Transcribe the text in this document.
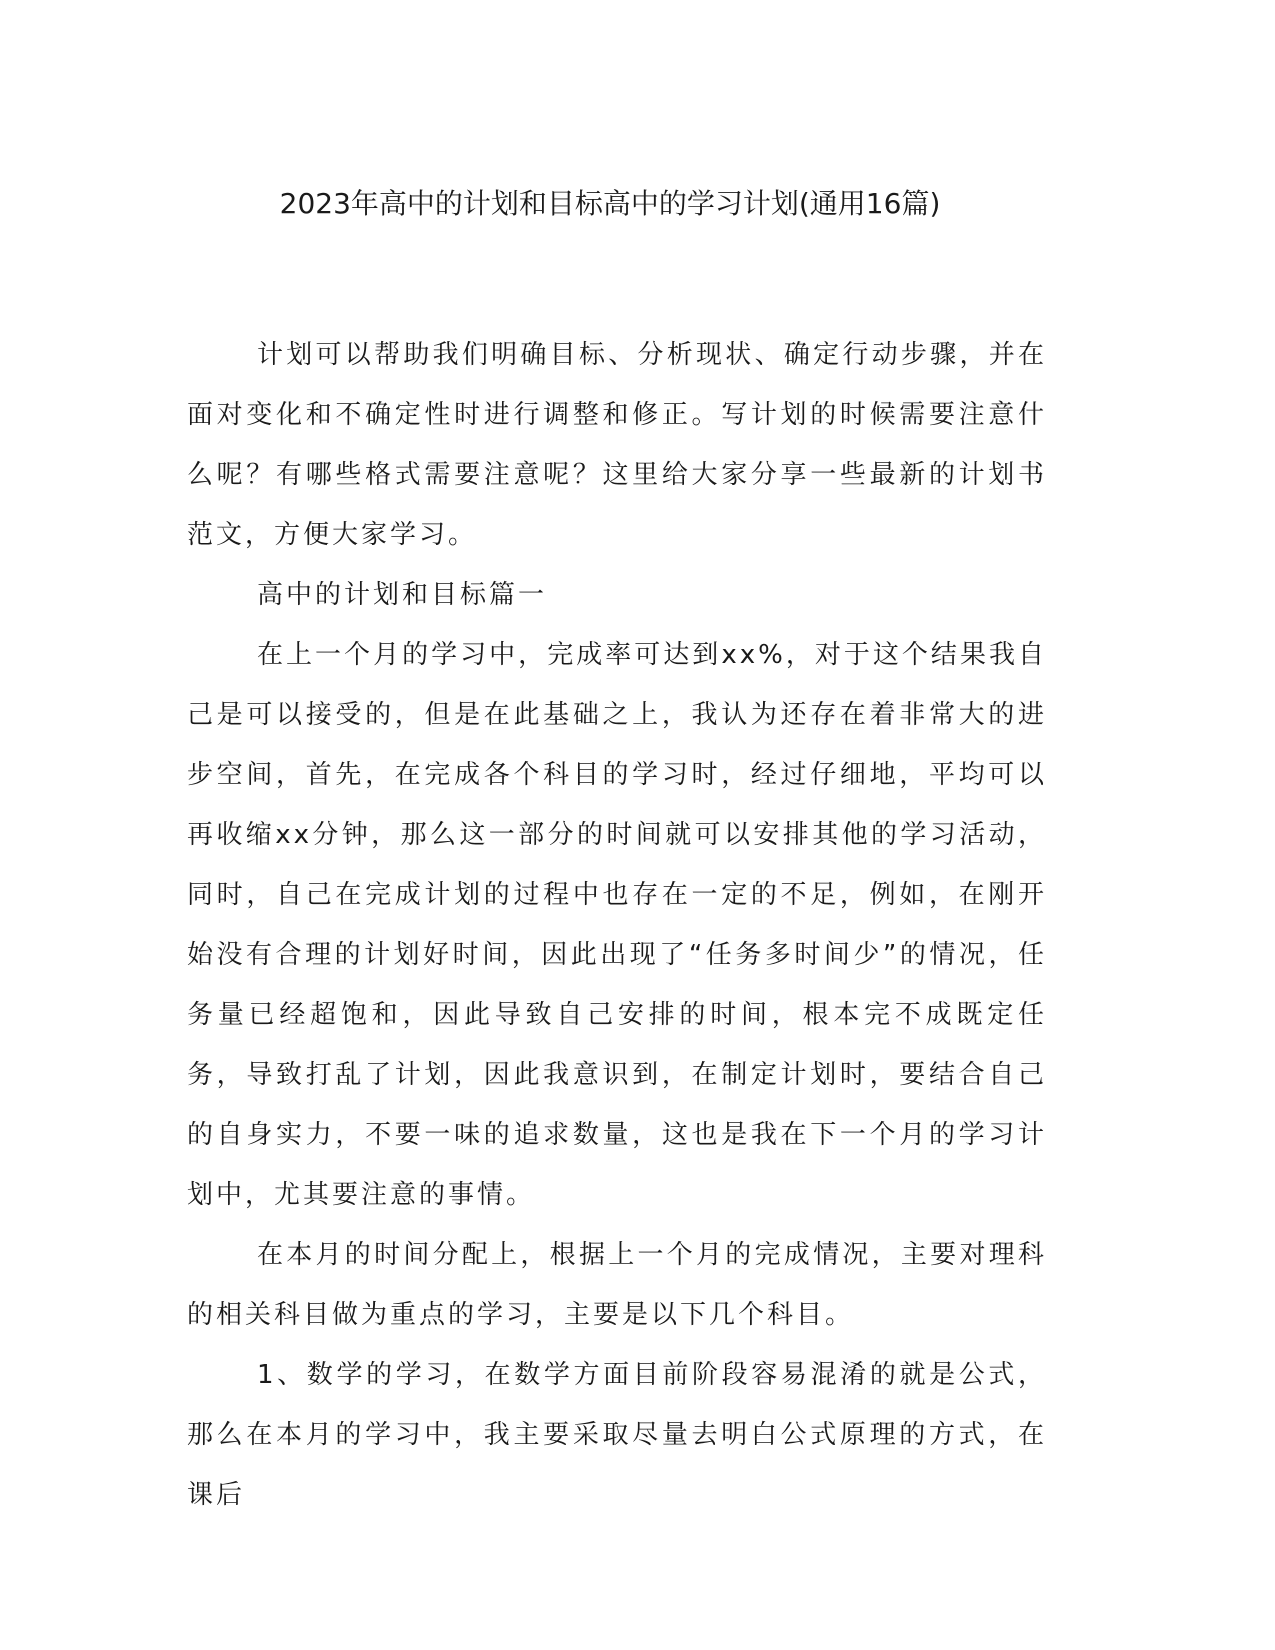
2023年高中的计划和目标高中的学习计划(通用16篇)

计划可以帮助我们明确目标、分析现状、确定行动步骤，并在面对变化和不确定性时进行调整和修正。写计划的时候需要注意什么呢？有哪些格式需要注意呢？这里给大家分享一些最新的计划书范文，方便大家学习。

高中的计划和目标篇一

在上一个月的学习中，完成率可达到xx%，对于这个结果我自己是可以接受的，但是在此基础之上，我认为还存在着非常大的进步空间，首先，在完成各个科目的学习时，经过仔细地，平均可以再收缩xx分钟，那么这一部分的时间就可以安排其他的学习活动，同时，自己在完成计划的过程中也存在一定的不足，例如，在刚开始没有合理的计划好时间，因此出现了“任务多时间少”的情况，任务量已经超饱和，因此导致自己安排的时间，根本完不成既定任务，导致打乱了计划，因此我意识到，在制定计划时，要结合自己的自身实力，不要一味的追求数量，这也是我在下一个月的学习计划中，尤其要注意的事情。

在本月的时间分配上，根据上一个月的完成情况，主要对理科的相关科目做为重点的学习，主要是以下几个科目。

1、数学的学习，在数学方面目前阶段容易混淆的就是公式，那么在本月的学习中，我主要采取尽量去明白公式原理的方式，在课后
